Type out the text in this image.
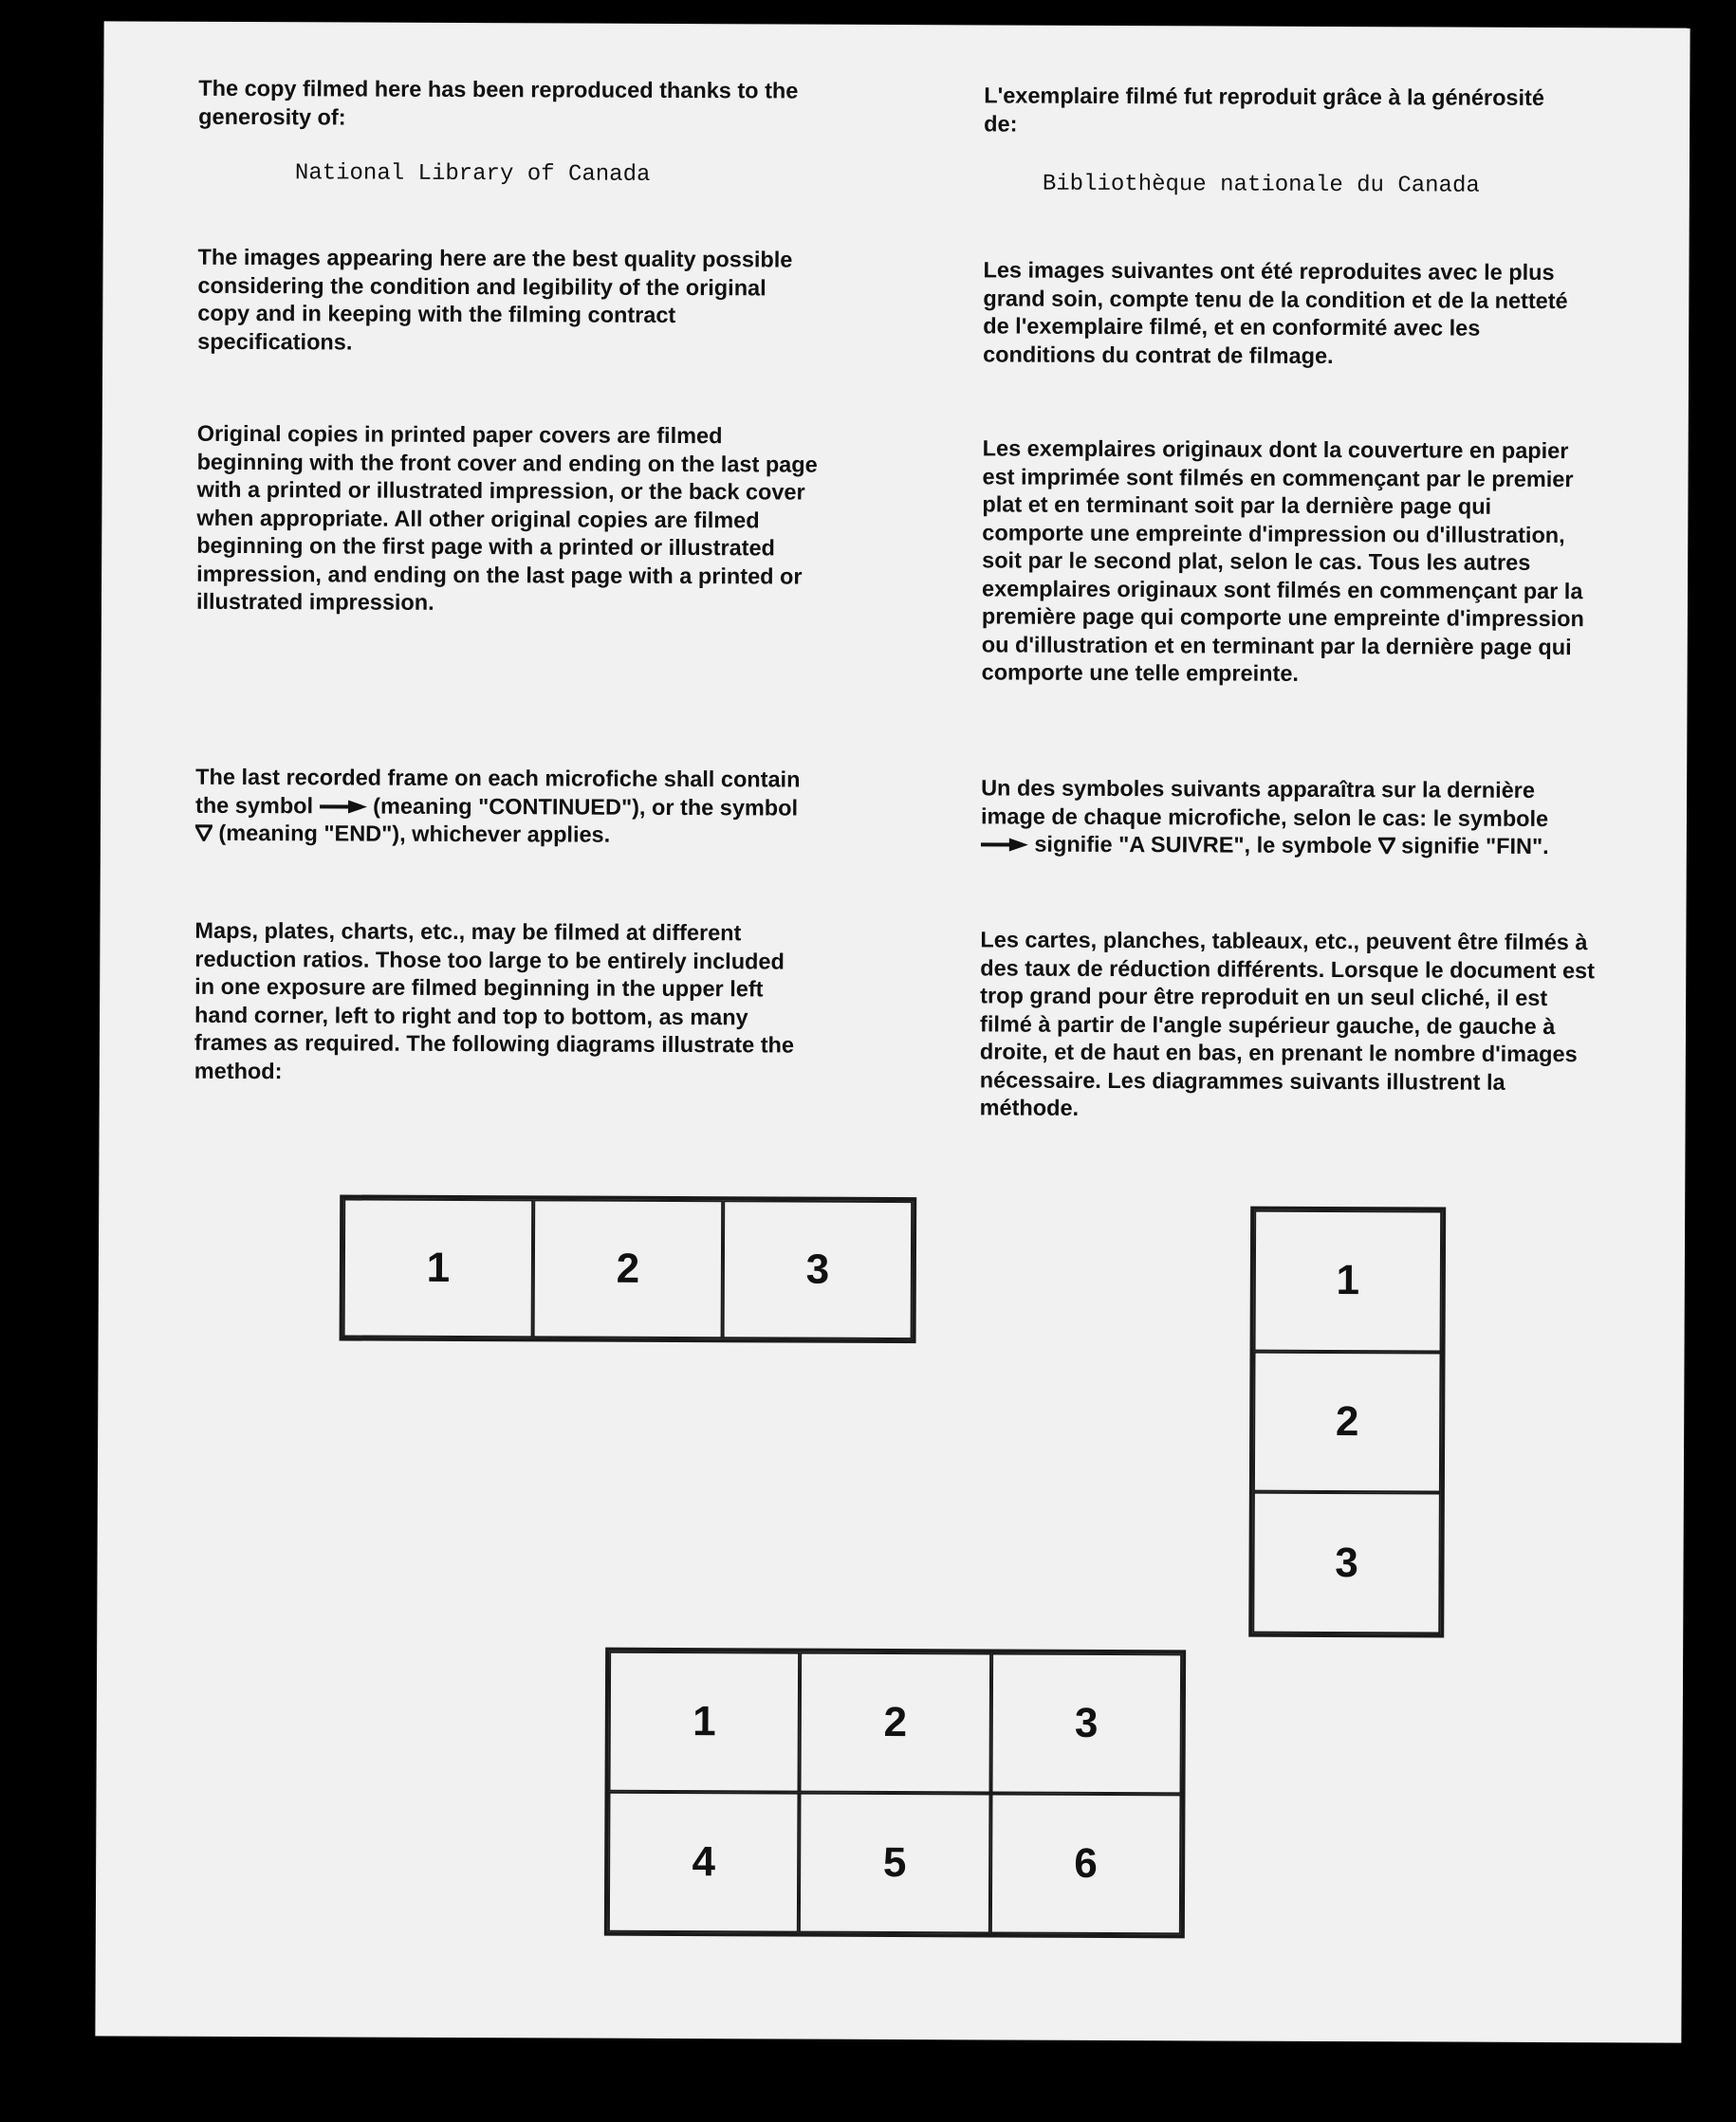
The copy filmed here has been reproduced thanks to the generosity of:

National Library of Canada

The images appearing here are the best quality possible considering the condition and legibility of the original copy and in keeping with the filming contract specifications.

Original copies in printed paper covers are filmed beginning with the front cover and ending on the last page with a printed or illustrated impression, or the back cover when appropriate. All other original copies are filmed beginning on the first page with a printed or illustrated impression, and ending on the last page with a printed or illustrated impression.

The last recorded frame on each microfiche shall contain the symbol	(meaning "CONTINUED"), or the symbol  (meaning "END"), whichever applies.

Maps, plates, charts, etc., may be filmed at different reduction ratios. Those too large to be entirely included in one exposure are filmed beginning in the upper left hand corner, left to right and top to bottom, as many frames as required. The following diagrams illustrate the method:

L'exemplaire filmé fut reproduit grâce à la générosité de:

Bibliothèque nationale du Canada

Les images suivantes ont été reproduites avec le plus grand soin, compte tenu de la condition et de la netteté de l'exemplaire filmé, et en conformité avec les conditions du contrat de filmage.

Les exemplaires originaux dont la couverture en papier est imprimée sont filmés en commençant par le premier plat et en terminant soit par la dernière page qui comporte une empreinte d'impression ou d'illustration, soit par le second plat, selon le cas. Tous les autres exemplaires originaux sont filmés en commençant par la première page qui comporte une empreinte d'impression ou d'illustration et en terminant par la dernière page qui comporte une telle empreinte.

Un des symboles suivants apparaîtra sur la dernière image de chaque microfiche, selon le cas: le symbole  signifie "A SUIVRE", le symbole signifie "FIN".

Les cartes, planches, tableaux, etc., peuvent être filmés à des taux de réduction différents. Lorsque le document est trop grand pour être reproduit en un seul cliché, il est filmé à partir de l'angle supérieur gauche, de gauche à droite, et de haut en bas, en prenant le nombre d'images nécessaire. Les diagrammes suivants illustrent la méthode.

1	2	3	1
2
3
1	2	3
4	5	6
